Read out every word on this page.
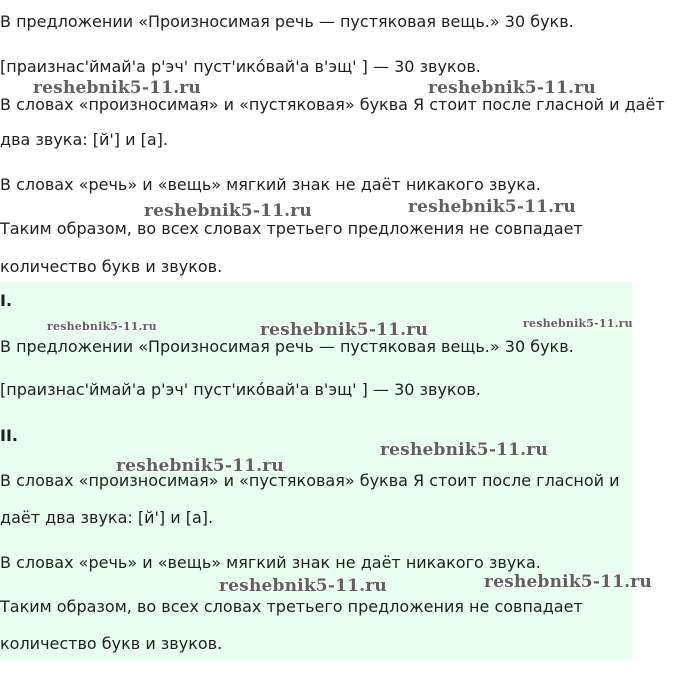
В предложении «Произносимая речь — пустяковая вещь.» 30 букв.
[праизнас'ймай'а р'эч' пуст'ико́вай'а в'эщ' ] — 30 звуков.
В словах «произносимая» и «пустяковая» буква Я стоит после гласной и даёт
два звука: [й'] и [а].
В словах «речь» и «вещь» мягкий знак не даёт никакого звука.
Таким образом, во всех словах третьего предложения не совпадает
количество букв и звуков.
I.
В предложении «Произносимая речь — пустяковая вещь.» 30 букв.
[праизнас'ймай'а р'эч' пуст'ико́вай'а в'эщ' ] — 30 звуков.
II.
В словах «произносимая» и «пустяковая» буква Я стоит после гласной и
даёт два звука: [й'] и [а].
В словах «речь» и «вещь» мягкий знак не даёт никакого звука.
Таким образом, во всех словах третьего предложения не совпадает
количество букв и звуков.
reshebnik5-11.ru	reshebnik5-11.ru
reshebnik5-11.ru	reshebnik5-11.ru
reshebnik5-11.ru	reshebnik5-11.ru	reshebnik5-11.ru
reshebnik5-11.ru
reshebnik5-11.ru
reshebnik5-11.ru	reshebnik5-11.ru
